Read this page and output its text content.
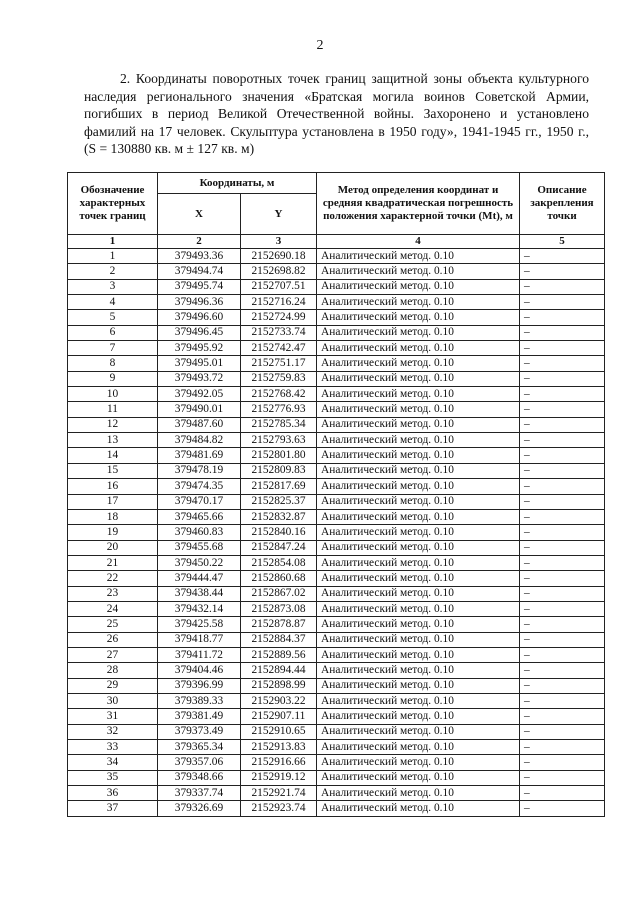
2

2. Координаты поворотных точек границ защитной зоны объекта культурного наследия регионального значения «Братская могила воинов Советской Армии, погибших в период Великой Отечественной войны. Захоронено и установлено фамилий на 17 человек. Скульптура установлена в 1950 году», 1941-1945 гг., 1950 г., (S = 130880 кв. м ± 127 кв. м)

Обозначение характерных точек границ	Координаты, м		Метод определения координат и средняя квадратическая погрешность положения характерной точки (Mt), м	Описание закрепления точки
	X	Y		
1	2	3	4	5
1	379493.36	2152690.18	Аналитический метод. 0.10	–
2	379494.74	2152698.82	Аналитический метод. 0.10	–
3	379495.74	2152707.51	Аналитический метод. 0.10	–
4	379496.36	2152716.24	Аналитический метод. 0.10	–
5	379496.60	2152724.99	Аналитический метод. 0.10	–
6	379496.45	2152733.74	Аналитический метод. 0.10	–
7	379495.92	2152742.47	Аналитический метод. 0.10	–
8	379495.01	2152751.17	Аналитический метод. 0.10	–
9	379493.72	2152759.83	Аналитический метод. 0.10	–
10	379492.05	2152768.42	Аналитический метод. 0.10	–
11	379490.01	2152776.93	Аналитический метод. 0.10	–
12	379487.60	2152785.34	Аналитический метод. 0.10	–
13	379484.82	2152793.63	Аналитический метод. 0.10	–
14	379481.69	2152801.80	Аналитический метод. 0.10	–
15	379478.19	2152809.83	Аналитический метод. 0.10	–
16	379474.35	2152817.69	Аналитический метод. 0.10	–
17	379470.17	2152825.37	Аналитический метод. 0.10	–
18	379465.66	2152832.87	Аналитический метод. 0.10	–
19	379460.83	2152840.16	Аналитический метод. 0.10	–
20	379455.68	2152847.24	Аналитический метод. 0.10	–
21	379450.22	2152854.08	Аналитический метод. 0.10	–
22	379444.47	2152860.68	Аналитический метод. 0.10	–
23	379438.44	2152867.02	Аналитический метод. 0.10	–
24	379432.14	2152873.08	Аналитический метод. 0.10	–
25	379425.58	2152878.87	Аналитический метод. 0.10	–
26	379418.77	2152884.37	Аналитический метод. 0.10	–
27	379411.72	2152889.56	Аналитический метод. 0.10	–
28	379404.46	2152894.44	Аналитический метод. 0.10	–
29	379396.99	2152898.99	Аналитический метод. 0.10	–
30	379389.33	2152903.22	Аналитический метод. 0.10	–
31	379381.49	2152907.11	Аналитический метод. 0.10	–
32	379373.49	2152910.65	Аналитический метод. 0.10	–
33	379365.34	2152913.83	Аналитический метод. 0.10	–
34	379357.06	2152916.66	Аналитический метод. 0.10	–
35	379348.66	2152919.12	Аналитический метод. 0.10	–
36	379337.74	2152921.74	Аналитический метод. 0.10	–
37	379326.69	2152923.74	Аналитический метод. 0.10	–
